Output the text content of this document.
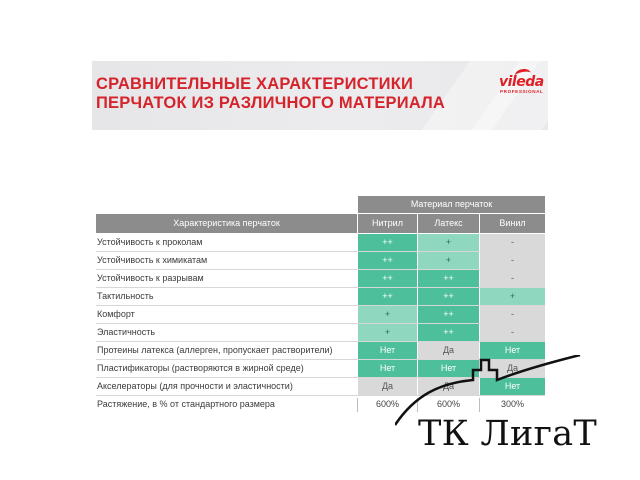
СРАВНИТЕЛЬНЫЕ ХАРАКТЕРИСТИКИ
ПЕРЧАТОК ИЗ РАЗЛИЧНОГО МАТЕРИАЛА
vileda
PROFESSIONAL
Материал перчаток
Характеристика перчаток	Нитрил	Латекс	Винил
Устойчивость к проколам	++	+	-
Устойчивость к химикатам	++	+	-
Устойчивость к разрывам	++	++	-
Тактильность	++	++	+
Комфорт	+	++	-
Эластичность	+	++	-
Протеины латекса (аллерген, пропускает растворители)	Нет	Да	Нет
Пластификаторы (растворяются в жирной среде)	Нет	Нет	Да
Акселераторы (для прочности и эластичности)	Да	Да	Нет
Растяжение, в % от стандартного размера	600%	600%	300%
ТК ЛигаТ
